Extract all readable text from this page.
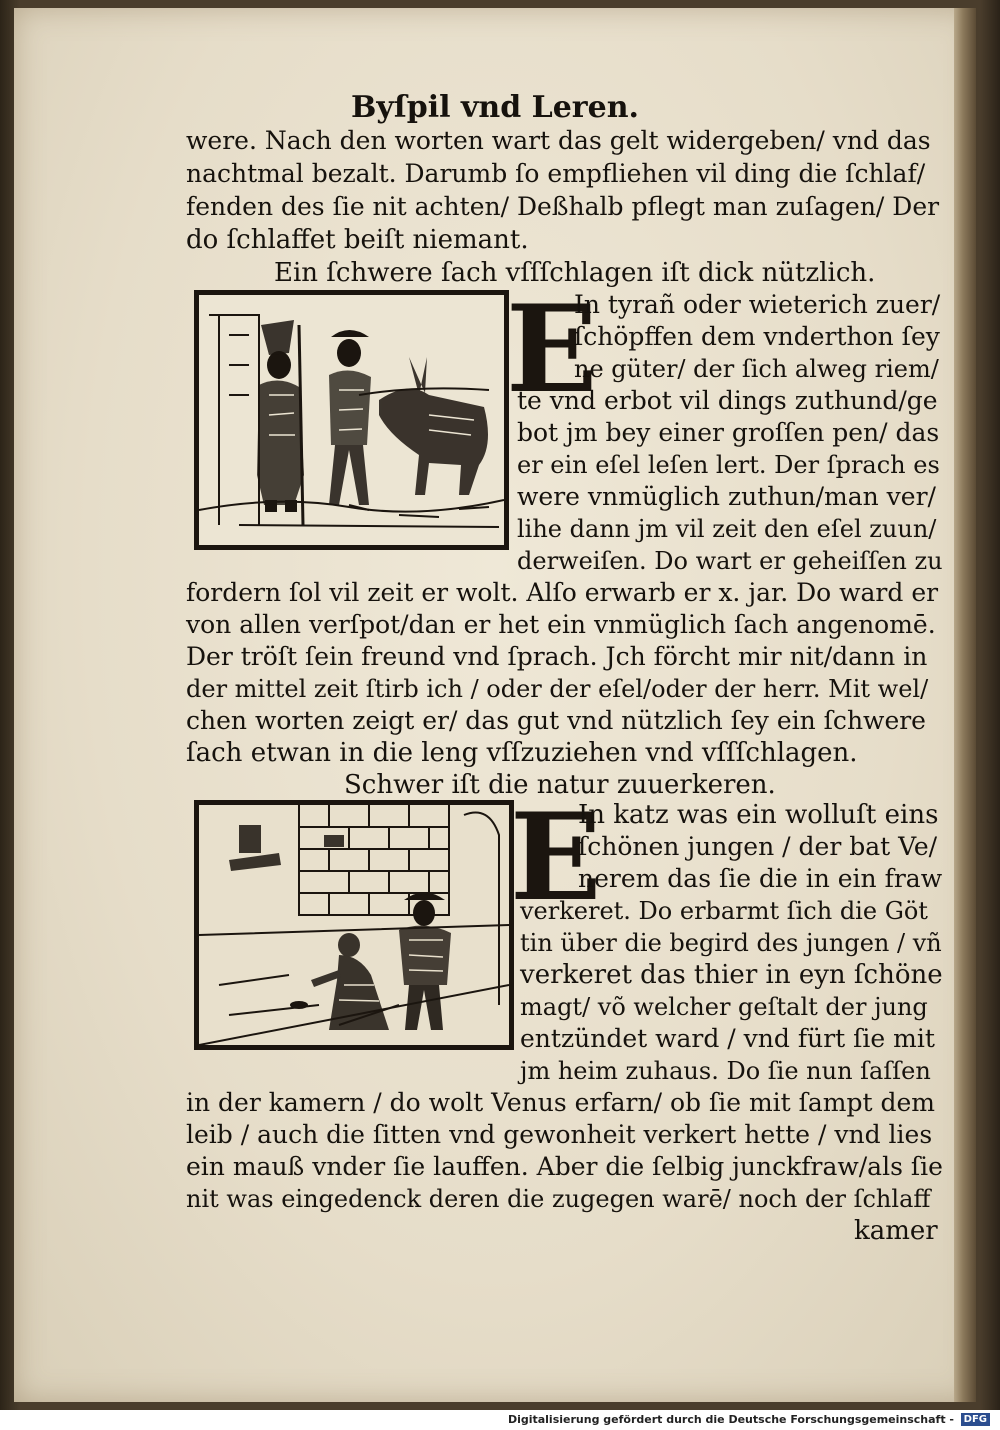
Byſpil vnd Leren.
were. Nach den worten wart das gelt widergeben/ vnd das
nachtmal bezalt. Darumb ſo empfliehen vil ding die ſchlaf/
fenden des ſie nit achten/ Deßhalb pflegt man zuſagen/ Der
do ſchlaffet beiſt niemant.
Ein ſchwere ſach vſſſchlagen iſt dick nützlich.
E
In tyrañ oder wieterich zuer/
ſchöpffen dem vnderthon ſey
ne güter/ der ſich alweg riem/
te vnd erbot vil dings zuthund/ge
bot jm bey einer groſſen pen/ das
er ein eſel leſen lert. Der ſprach es
were vnmüglich zuthun/man ver/
lihe dann jm vil zeit den eſel zuun/
derweiſen. Do wart er geheiſſen zu
fordern ſol vil zeit er wolt. Alſo erwarb er x. jar. Do ward er
von allen verſpot/dan er het ein vnmüglich ſach angenomē.
Der tröſt ſein freund vnd ſprach. Jch förcht mir nit/dann in
der mittel zeit ſtirb ich / oder der eſel/oder der herr. Mit wel/
chen worten zeigt er/ das gut vnd nützlich ſey ein ſchwere
ſach etwan in die leng vſſzuziehen vnd vſſſchlagen.
Schwer iſt die natur zuuerkeren.
E
In katz was ein wolluſt eins
ſchönen jungen / der bat Ve/
nerem das ſie die in ein fraw
verkeret. Do erbarmt ſich die Göt
tin über die begird des jungen / vñ
verkeret das thier in eyn ſchöne
magt/ võ welcher geſtalt der jung
entzündet ward / vnd fürt ſie mit
jm heim zuhaus. Do ſie nun ſaſſen
in der kamern / do wolt Venus erfarn/ ob ſie mit ſampt dem
leib / auch die ſitten vnd gewonheit verkert hette / vnd lies
ein mauß vnder ſie lauffen. Aber die ſelbig junckfraw/als ſie
nit was eingedenck deren die zugegen warē/ noch der ſchlaff
kamer
Digitalisierung gefördert durch die Deutsche Forschungsgemeinschaft - DFG
